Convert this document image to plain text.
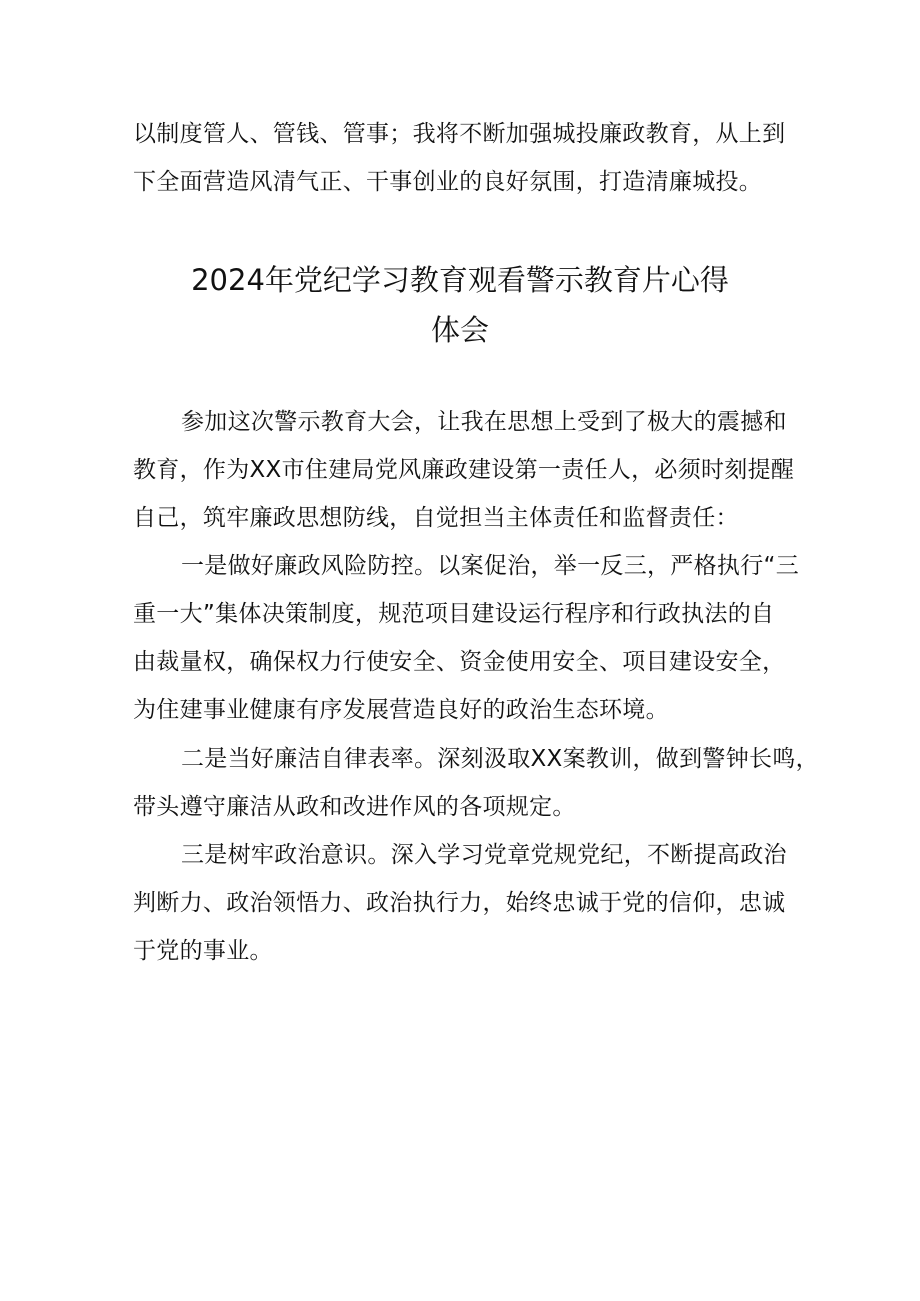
以制度管人、管钱、管事；我将不断加强城投廉政教育，从上到

下全面营造风清气正、干事创业的良好氛围，打造清廉城投。

2024年党纪学习教育观看警示教育片心得
体会

参加这次警示教育大会，让我在思想上受到了极大的震撼和

教育，作为XX市住建局党风廉政建设第一责任人，必须时刻提醒

自己，筑牢廉政思想防线，自觉担当主体责任和监督责任：

一是做好廉政风险防控。以案促治，举一反三，严格执行“三

重一大”集体决策制度，规范项目建设运行程序和行政执法的自

由裁量权，确保权力行使安全、资金使用安全、项目建设安全，

为住建事业健康有序发展营造良好的政治生态环境。

二是当好廉洁自律表率。深刻汲取XX案教训，做到警钟长鸣，

带头遵守廉洁从政和改进作风的各项规定。

三是树牢政治意识。深入学习党章党规党纪，不断提高政治

判断力、政治领悟力、政治执行力，始终忠诚于党的信仰，忠诚

于党的事业。
